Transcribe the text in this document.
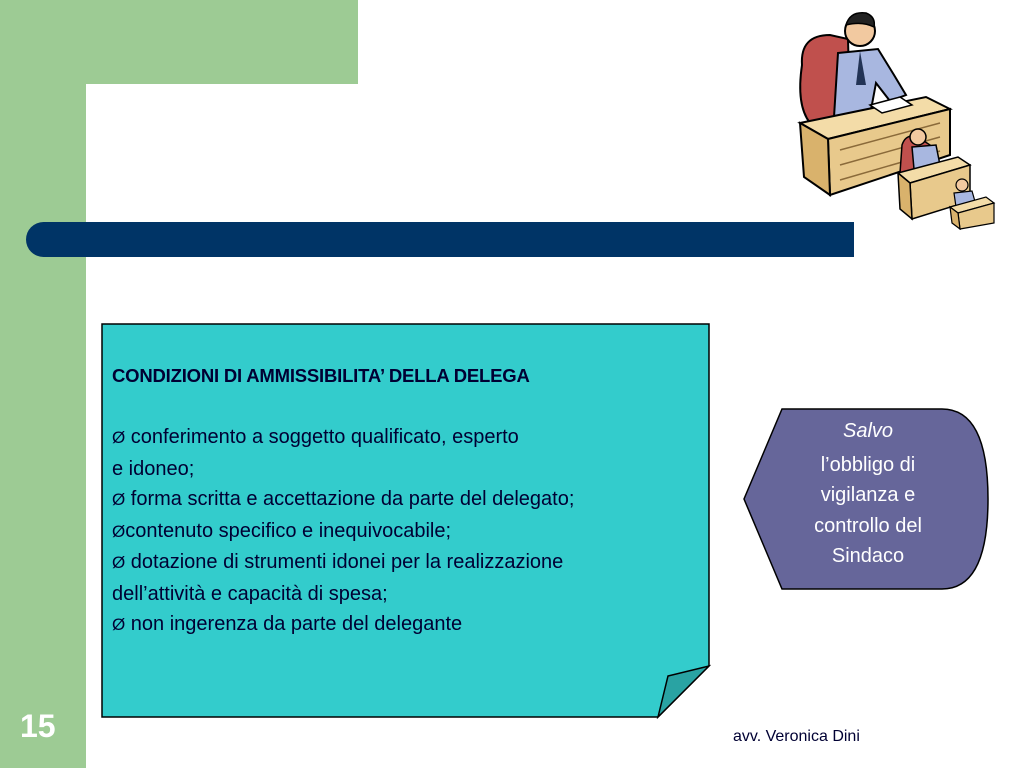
CONDIZIONI DI AMMISSIBILITA’ DELLA DELEGA
Ø conferimento a soggetto qualificato, esperto
e idoneo;
Ø forma scritta e accettazione da parte del delegato;
Øcontenuto specifico e inequivocabile;
Ø dotazione di strumenti idonei per la realizzazione
dell’attività e capacità di spesa;
Ø non ingerenza da parte del delegante
Salvo
l’obbligo di
vigilanza e
controllo del
Sindaco
15	avv. Veronica Dini
